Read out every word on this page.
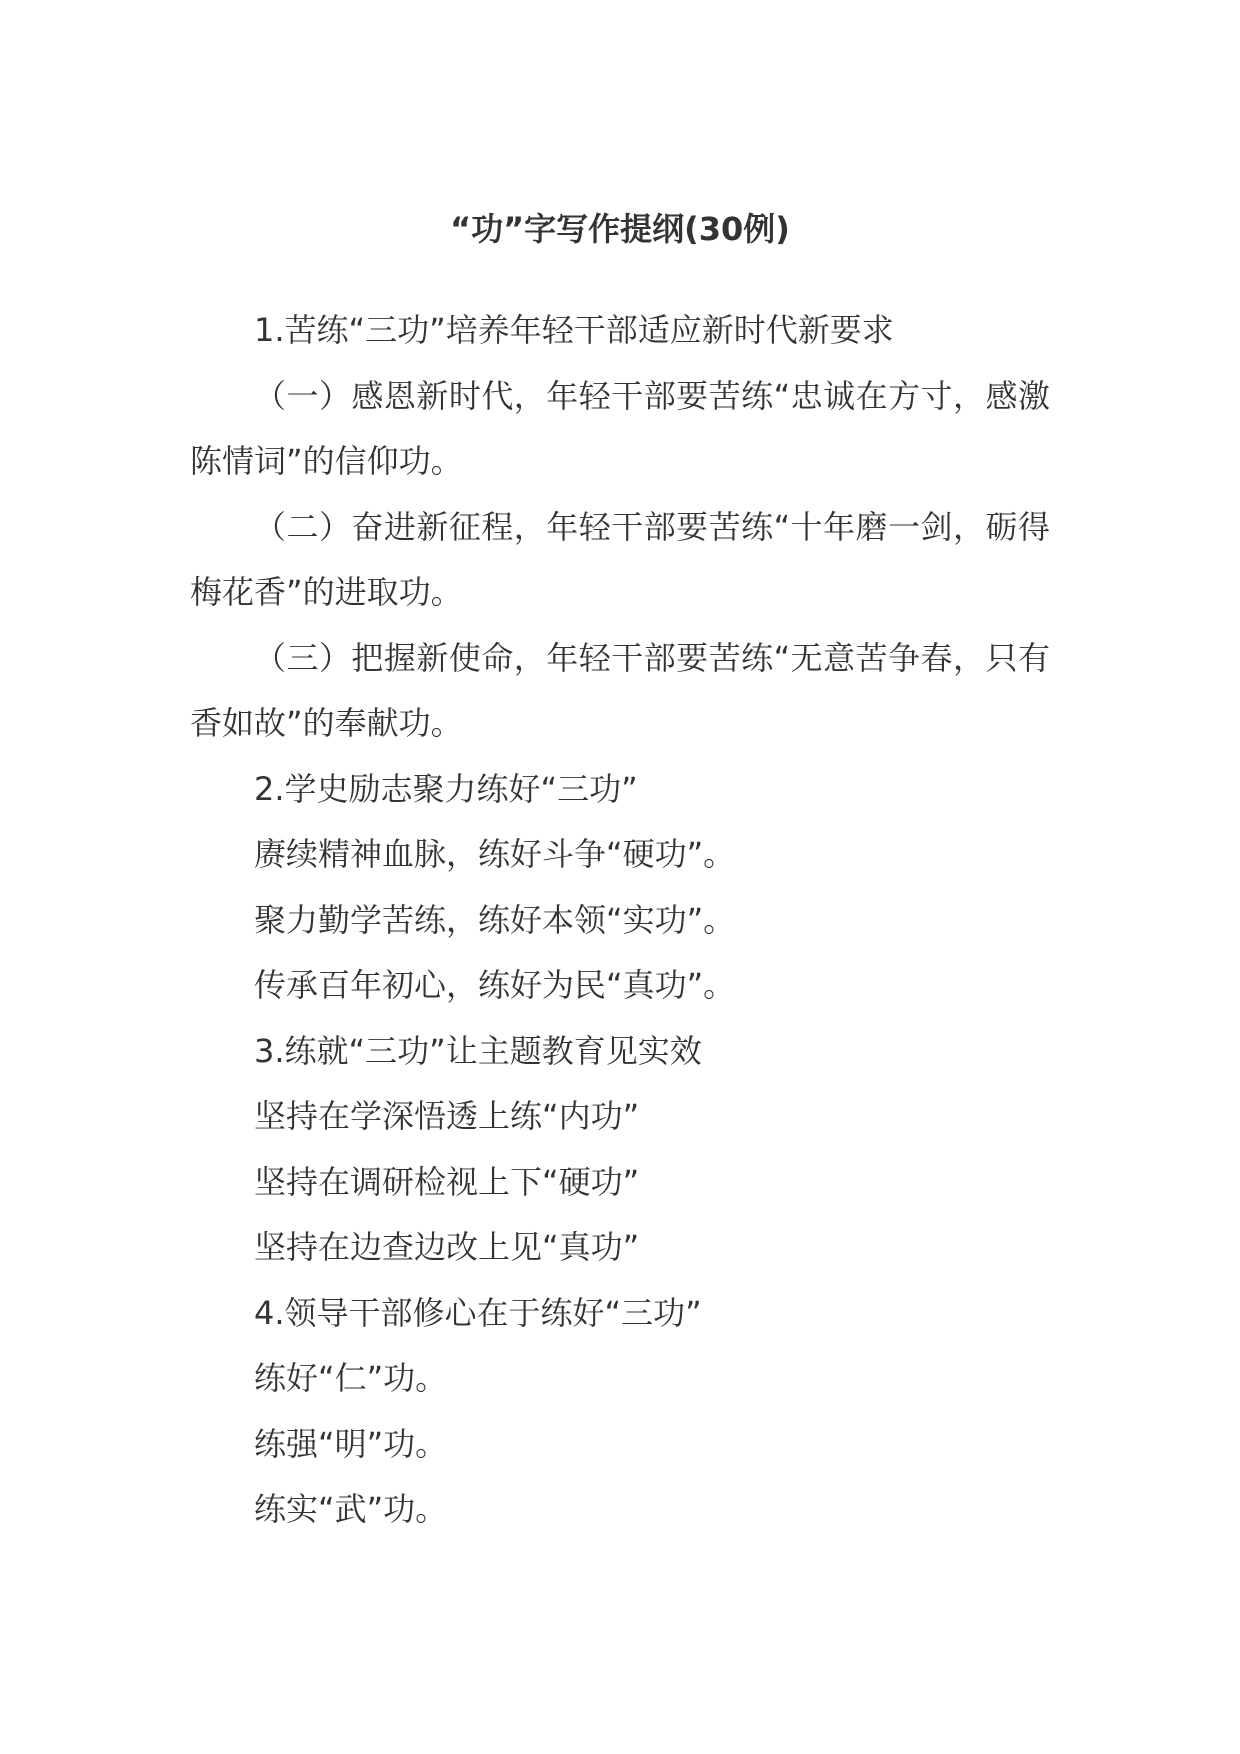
“功”字写作提纲(30例)

1.苦练“三功”培养年轻干部适应新时代新要求

（一）感恩新时代，年轻干部要苦练“忠诚在方寸，感激陈情词”的信仰功。

（二）奋进新征程，年轻干部要苦练“十年磨一剑，砺得梅花香”的进取功。

（三）把握新使命，年轻干部要苦练“无意苦争春，只有香如故”的奉献功。

2.学史励志聚力练好“三功”

赓续精神血脉，练好斗争“硬功”。

聚力勤学苦练，练好本领“实功”。

传承百年初心，练好为民“真功”。

3.练就“三功”让主题教育见实效

坚持在学深悟透上练“内功”

坚持在调研检视上下“硬功”

坚持在边查边改上见“真功”

4.领导干部修心在于练好“三功”

练好“仁”功。

练强“明”功。

练实“武”功。
